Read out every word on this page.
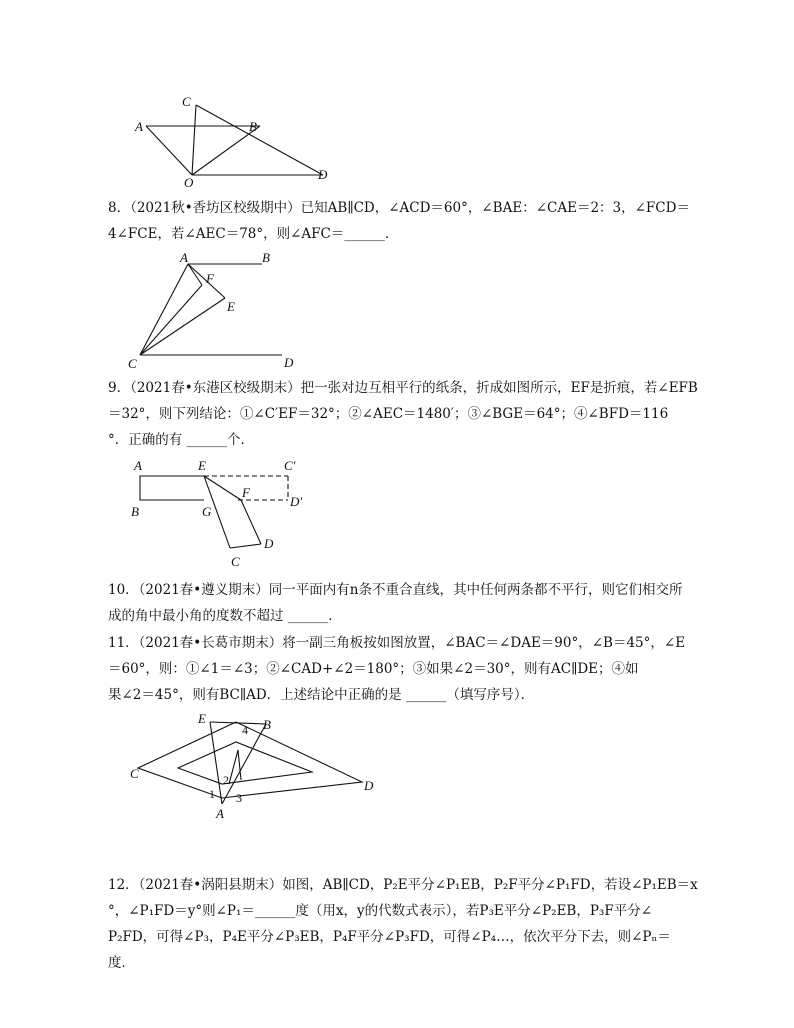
C
A	B
O
D
8．（2021秋•香坊区校级期中）已知AB∥CD，∠ACD＝60°，∠BAE：∠CAE＝2：3，∠FCD＝
4∠FCE，若∠AEC＝78°，则∠AFC＝______．
A	B
F
E
C	D
9．（2021春•东港区校级期末）把一张对边互相平行的纸条，折成如图所示，EF是折痕，若∠EFB
＝32°，则下列结论：①∠C′EF＝32°；②∠AEC＝1480′；③∠BGE＝64°；④∠BFD＝116
°．正确的有 ______个．
A	E	C′
F
D′
B	G
C
D
10．（2021春•遵义期末）同一平面内有n条不重合直线，其中任何两条都不平行，则它们相交所
成的角中最小角的度数不超过 ______．
11．（2021春•长葛市期末）将一副三角板按如图放置，∠BAC＝∠DAE＝90°，∠B＝45°，∠E
＝60°，则：①∠1＝∠3；②∠CAD+∠2＝180°；③如果∠2＝30°，则有AC∥DE；④如
果∠2＝45°，则有BC∥AD．上述结论中正确的是 ______（填写序号）．
E	B
4
C	2
1 3
A
D
12．（2021春•涡阳县期末）如图，AB∥CD，P₂E平分∠P₁EB，P₂F平分∠P₁FD，若设∠P₁EB＝x
°，∠P₁FD＝y°则∠P₁＝______度（用x，y的代数式表示），若P₃E平分∠P₂EB，P₃F平分∠
P₂FD，可得∠P₃，P₄E平分∠P₃EB，P₄F平分∠P₃FD，可得∠P₄…，依次平分下去，则∠Pₙ＝
度．
